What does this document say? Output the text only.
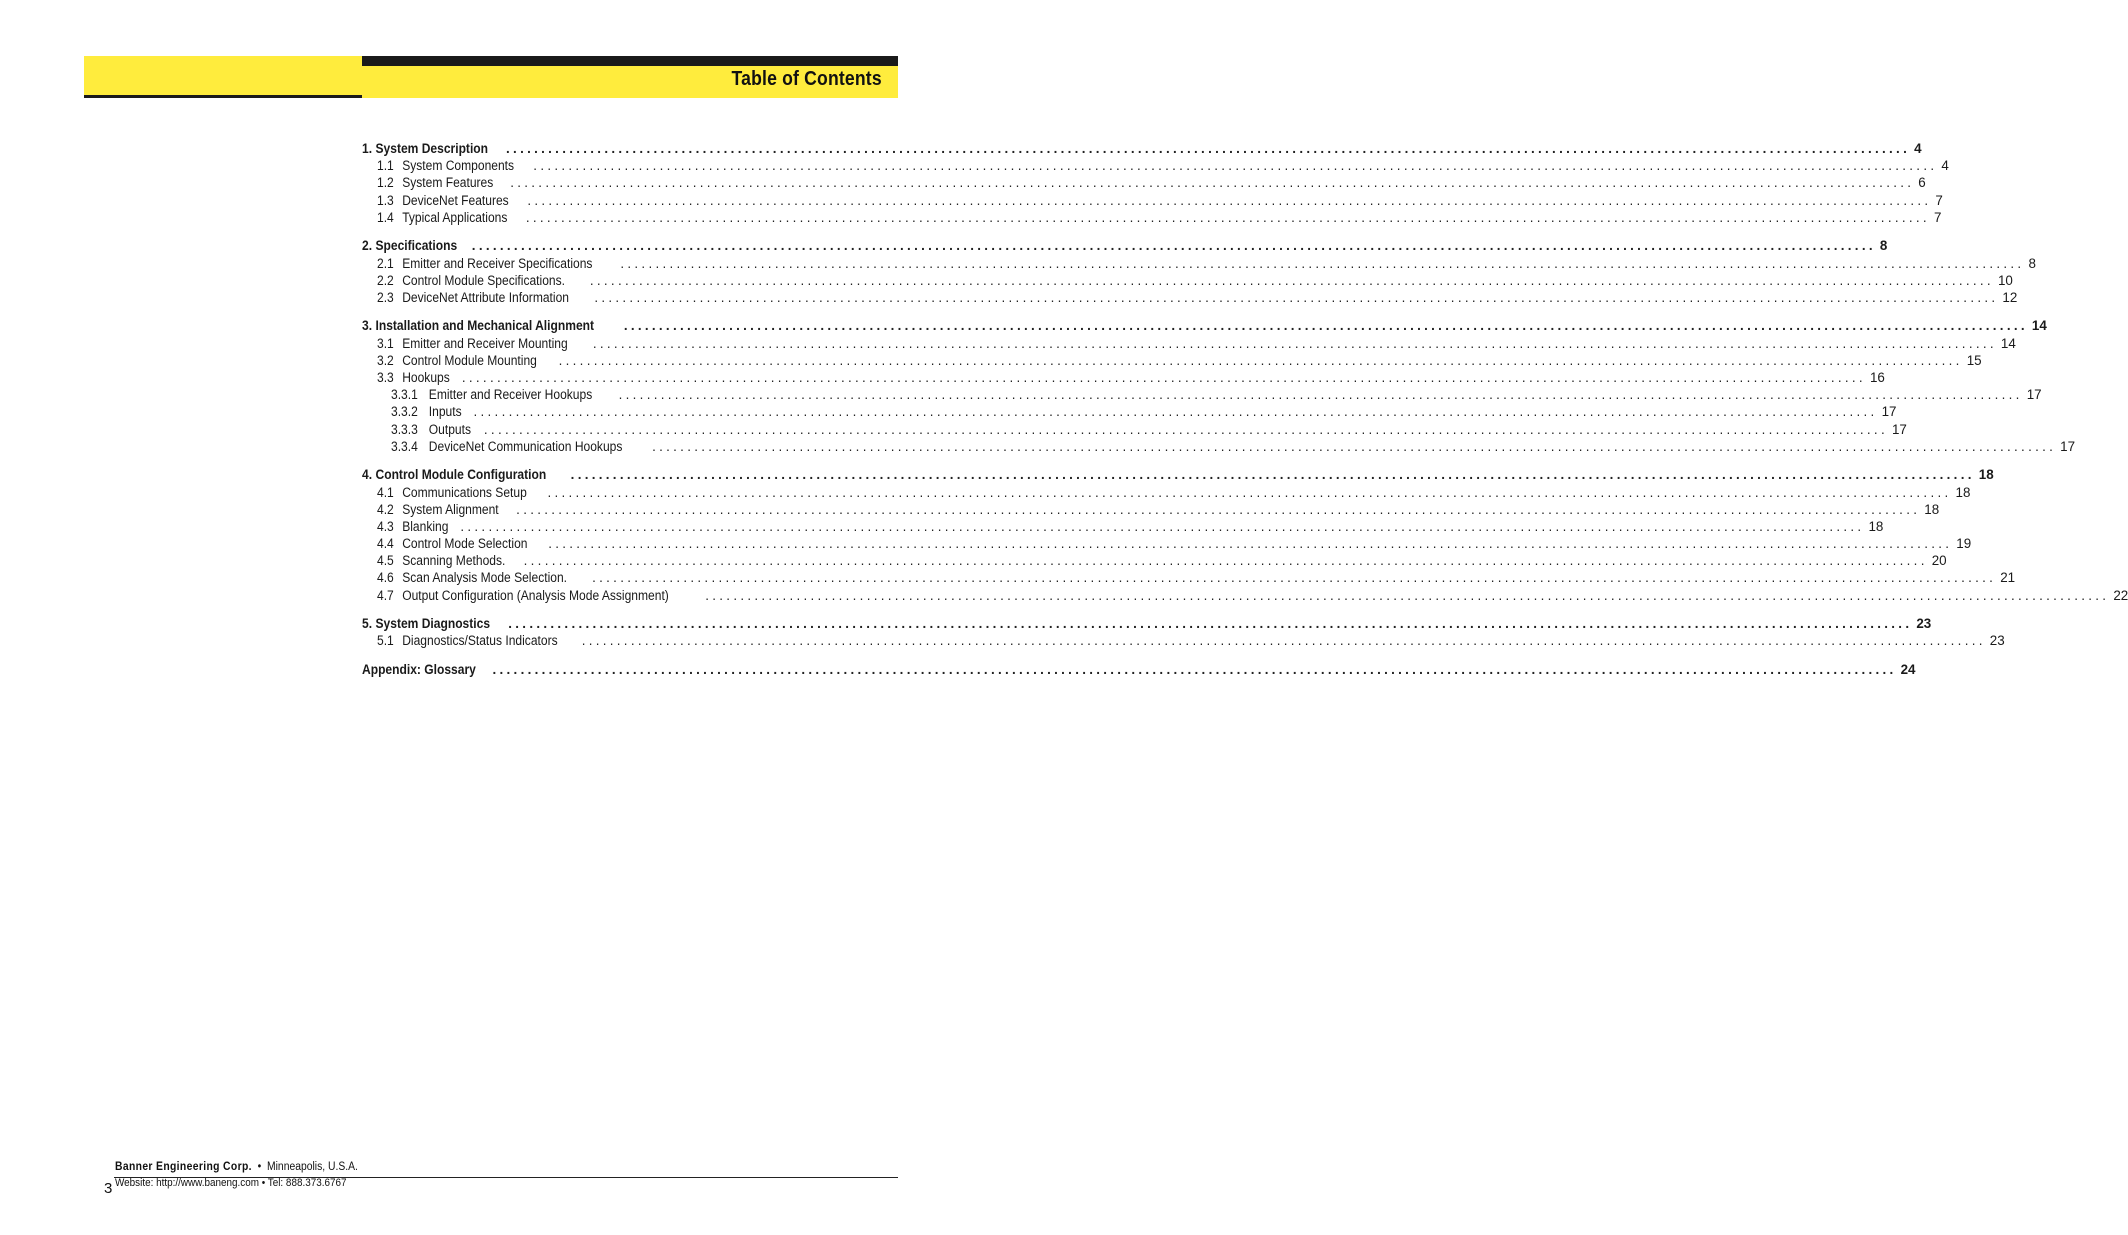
Table of Contents
1. System Description ........................................................................................................................................................................................................ 4
1.1 System Components ........................................................................................................................................................................................................ 4
1.2 System Features ........................................................................................................................................................................................................ 6
1.3 DeviceNet Features ........................................................................................................................................................................................................ 7
1.4 Typical Applications ........................................................................................................................................................................................................ 7
2. Specifications ........................................................................................................................................................................................................ 8
2.1 Emitter and Receiver Specifications ........................................................................................................................................................................................................ 8
2.2 Control Module Specifications. ........................................................................................................................................................................................................ 10
2.3 DeviceNet Attribute Information ........................................................................................................................................................................................................ 12
3. Installation and Mechanical Alignment ........................................................................................................................................................................................................ 14
3.1 Emitter and Receiver Mounting ........................................................................................................................................................................................................ 14
3.2 Control Module Mounting ........................................................................................................................................................................................................ 15
3.3 Hookups ........................................................................................................................................................................................................ 16
3.3.1 Emitter and Receiver Hookups ........................................................................................................................................................................................................ 17
3.3.2 Inputs ........................................................................................................................................................................................................ 17
3.3.3 Outputs ........................................................................................................................................................................................................ 17
3.3.4 DeviceNet Communication Hookups ........................................................................................................................................................................................................ 17
4. Control Module Configuration ........................................................................................................................................................................................................ 18
4.1 Communications Setup ........................................................................................................................................................................................................ 18
4.2 System Alignment ........................................................................................................................................................................................................ 18
4.3 Blanking ........................................................................................................................................................................................................ 18
4.4 Control Mode Selection ........................................................................................................................................................................................................ 19
4.5 Scanning Methods. ........................................................................................................................................................................................................ 20
4.6 Scan Analysis Mode Selection. ........................................................................................................................................................................................................ 21
4.7 Output Configuration (Analysis Mode Assignment)	........................................................................................................................................................................................................ 22
5. System Diagnostics ........................................................................................................................................................................................................ 23
5.1 Diagnostics/Status Indicators ........................................................................................................................................................................................................ 23
Appendix: Glossary ........................................................................................................................................................................................................ 24
Banner Engineering Corp. • Minneapolis, U.S.A.
3 Website: http://www.baneng.com • Tel: 888.373.6767
